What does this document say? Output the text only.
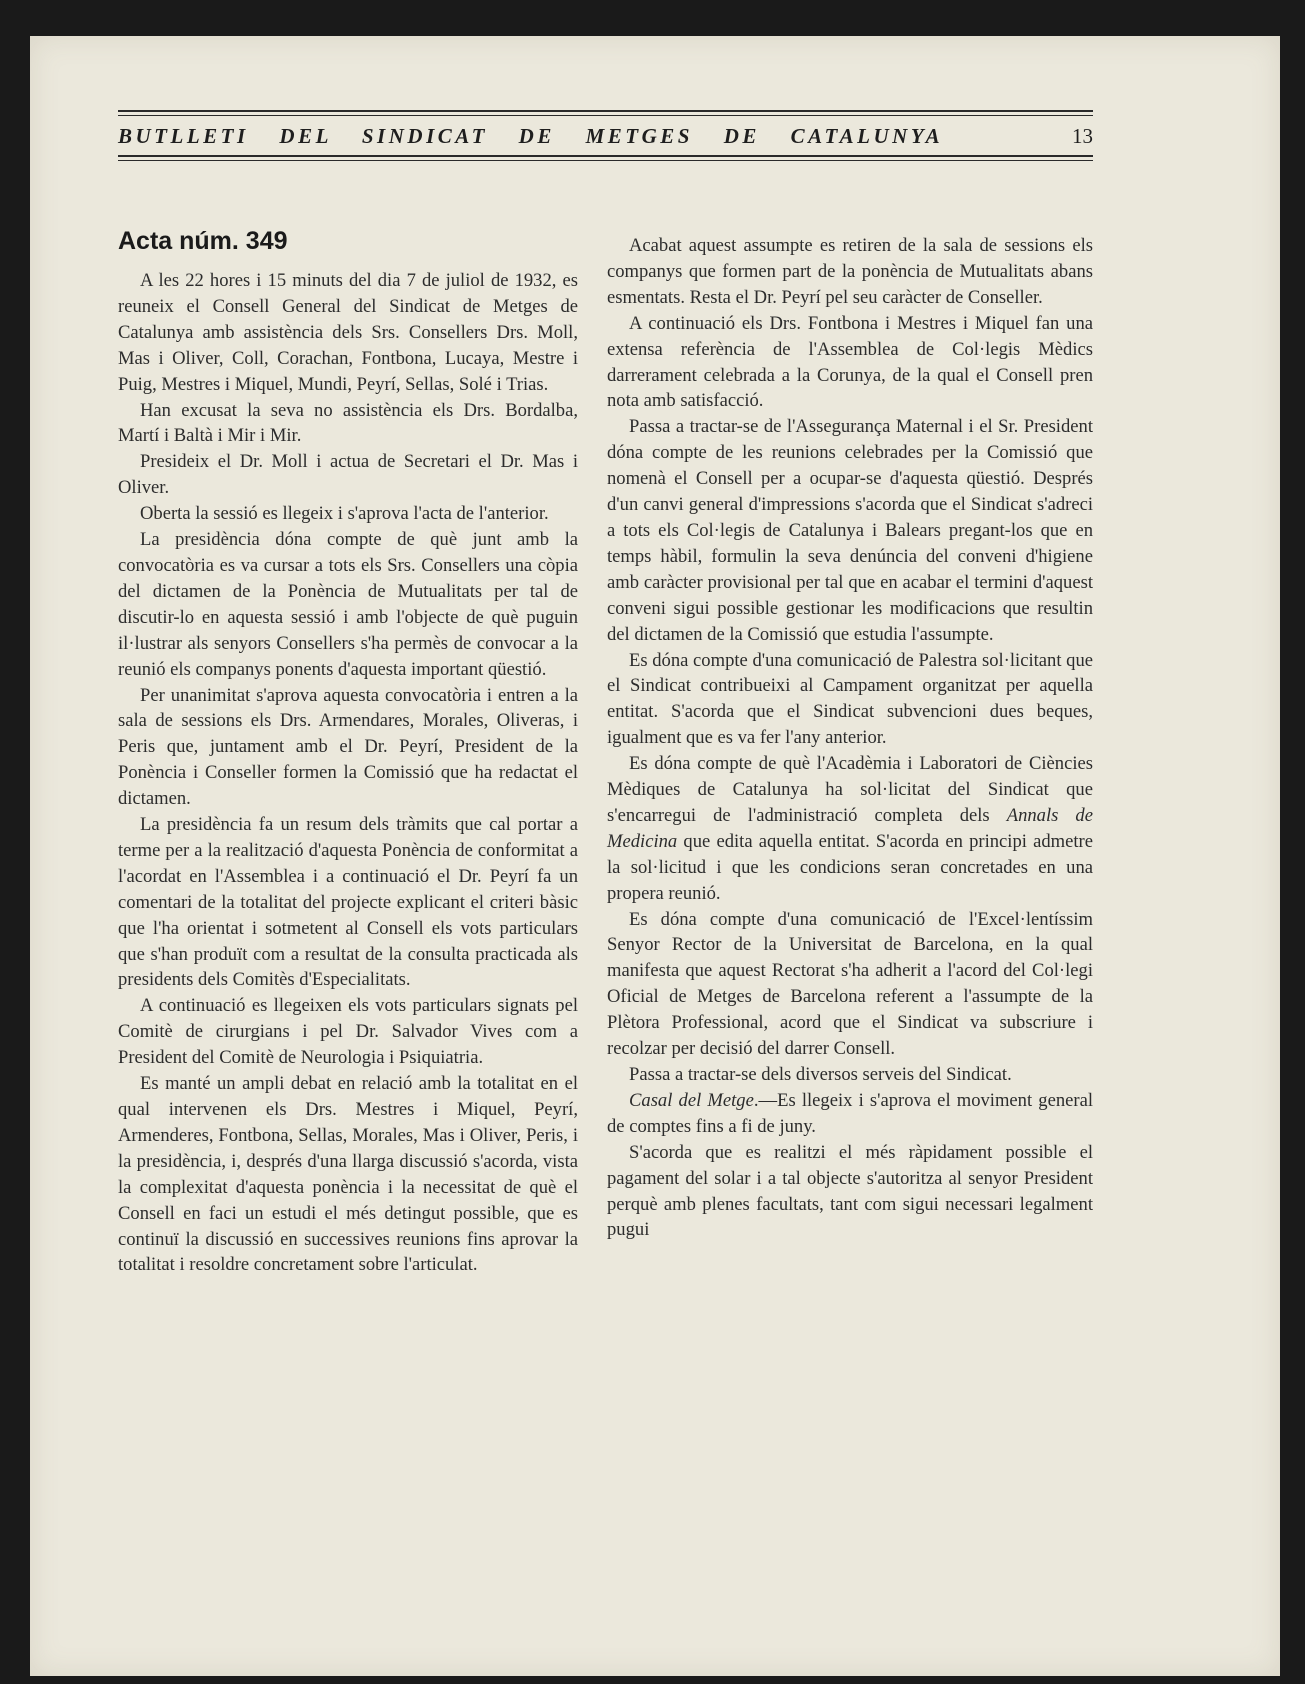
BUTLLETI DEL SINDICAT DE METGES DE CATALUNYA	13
Acta núm. 349

A les 22 hores i 15 minuts del dia 7 de juliol de 1932, es reuneix el Consell General del Sindicat de Metges de Catalunya amb assistència dels Srs. Consellers Drs. Moll, Mas i Oliver, Coll, Corachan, Fontbona, Lucaya, Mestre i Puig, Mestres i Miquel, Mundi, Peyrí, Sellas, Solé i Trias.

Han excusat la seva no assistència els Drs. Bordalba, Martí i Baltà i Mir i Mir.

Presideix el Dr. Moll i actua de Secretari el Dr. Mas i Oliver.

Oberta la sessió es llegeix i s'aprova l'acta de l'anterior.

La presidència dóna compte de què junt amb la convocatòria es va cursar a tots els Srs. Consellers una còpia del dictamen de la Ponència de Mutualitats per tal de discutir-lo en aquesta sessió i amb l'objecte de què puguin il·lustrar als senyors Consellers s'ha permès de convocar a la reunió els companys ponents d'aquesta important qüestió.

Per unanimitat s'aprova aquesta convocatòria i entren a la sala de sessions els Drs. Armendares, Morales, Oliveras, i Peris que, juntament amb el Dr. Peyrí, President de la Ponència i Conseller formen la Comissió que ha redactat el dictamen.

La presidència fa un resum dels tràmits que cal portar a terme per a la realització d'aquesta Ponència de conformitat a l'acordat en l'Assemblea i a continuació el Dr. Peyrí fa un comentari de la totalitat del projecte explicant el criteri bàsic que l'ha orientat i sotmetent al Consell els vots particulars que s'han produït com a resultat de la consulta practicada als presidents dels Comitès d'Especialitats.

A continuació es llegeixen els vots particulars signats pel Comitè de cirurgians i pel Dr. Salvador Vives com a President del Comitè de Neurologia i Psiquiatria.

Es manté un ampli debat en relació amb la totalitat en el qual intervenen els Drs. Mestres i Miquel, Peyrí, Armenderes, Fontbona, Sellas, Morales, Mas i Oliver, Peris, i la presidència, i, després d'una llarga discussió s'acorda, vista la complexitat d'aquesta ponència i la necessitat de què el Consell en faci un estudi el més detingut possible, que es continuï la discussió en successives reunions fins aprovar la totalitat i resoldre concretament sobre l'articulat.

Acabat aquest assumpte es retiren de la sala de sessions els companys que formen part de la ponència de Mutualitats abans esmentats. Resta el Dr. Peyrí pel seu caràcter de Conseller.

A continuació els Drs. Fontbona i Mestres i Miquel fan una extensa referència de l'Assemblea de Col·legis Mèdics darrerament celebrada a la Corunya, de la qual el Consell pren nota amb satisfacció.

Passa a tractar-se de l'Assegurança Maternal i el Sr. President dóna compte de les reunions celebrades per la Comissió que nomenà el Consell per a ocupar-se d'aquesta qüestió. Després d'un canvi general d'impressions s'acorda que el Sindicat s'adreci a tots els Col·legis de Catalunya i Balears pregant-los que en temps hàbil, formulin la seva denúncia del conveni d'higiene amb caràcter provisional per tal que en acabar el termini d'aquest conveni sigui possible gestionar les modificacions que resultin del dictamen de la Comissió que estudia l'assumpte.

Es dóna compte d'una comunicació de Palestra sol·licitant que el Sindicat contribueixi al Campament organitzat per aquella entitat. S'acorda que el Sindicat subvencioni dues beques, igualment que es va fer l'any anterior.

Es dóna compte de què l'Acadèmia i Laboratori de Ciències Mèdiques de Catalunya ha sol·licitat del Sindicat que s'encarregui de l'administració completa dels Annals de Medicina que edita aquella entitat. S'acorda en principi admetre la sol·licitud i que les condicions seran concretades en una propera reunió.

Es dóna compte d'una comunicació de l'Excel·lentíssim Senyor Rector de la Universitat de Barcelona, en la qual manifesta que aquest Rectorat s'ha adherit a l'acord del Col·legi Oficial de Metges de Barcelona referent a l'assumpte de la Plètora Professional, acord que el Sindicat va subscriure i recolzar per decisió del darrer Consell.

Passa a tractar-se dels diversos serveis del Sindicat.

Casal del Metge.—Es llegeix i s'aprova el moviment general de comptes fins a fi de juny.

S'acorda que es realitzi el més ràpidament possible el pagament del solar i a tal objecte s'autoritza al senyor President perquè amb plenes facultats, tant com sigui necessari legalment pugui
